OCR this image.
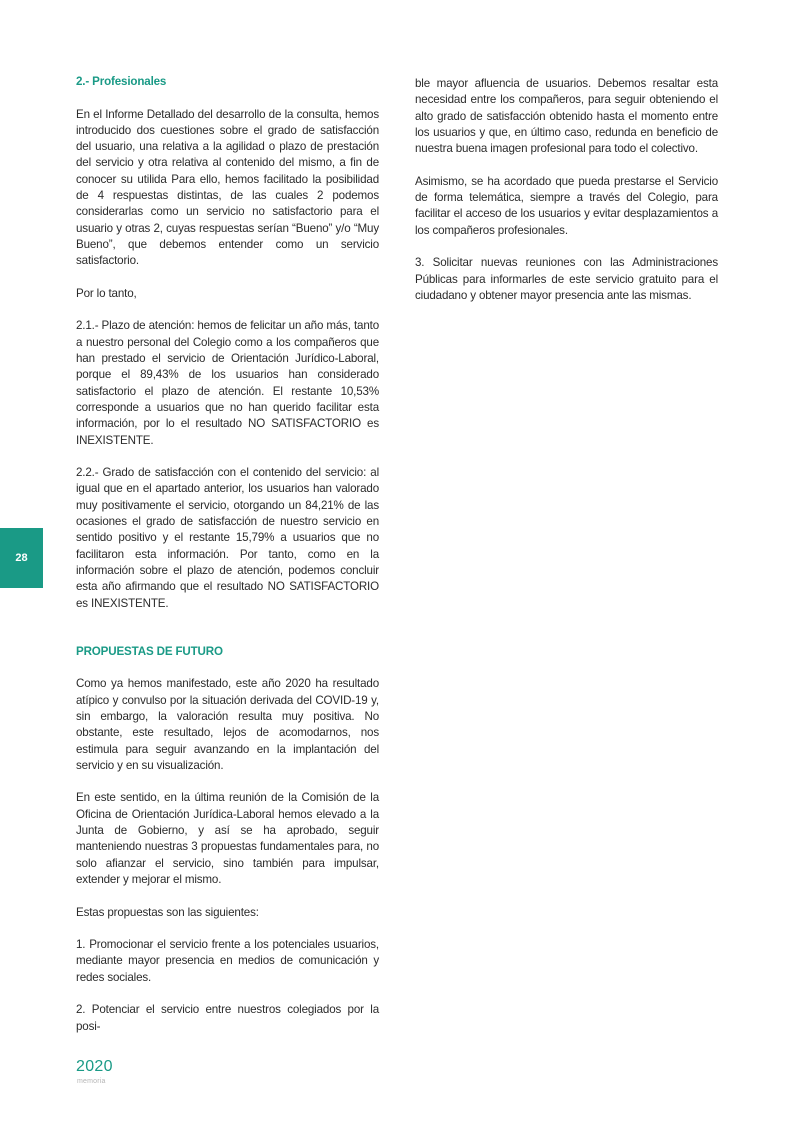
2.- Profesionales

En el Informe Detallado del desarrollo de la consulta, hemos introducido dos cuestiones sobre el grado de satisfacción del usuario, una relativa a la agilidad o plazo de prestación del servicio y otra relativa al contenido del mismo, a fin de conocer su utilida Para ello, hemos facilitado la posibilidad de 4 respuestas distintas, de las cuales 2 podemos considerarlas como un servicio no satisfactorio para el usuario y otras 2, cuyas respuestas serían “Bueno” y/o “Muy Bueno”, que debemos entender como un servicio satisfactorio.

Por lo tanto,

2.1.- Plazo de atención: hemos de felicitar un año más, tanto a nuestro personal del Colegio como a los compañeros que han prestado el servicio de Orientación Jurídico-Laboral, porque el 89,43% de los usuarios han considerado satisfactorio el plazo de atención. El restante 10,53% corresponde a usuarios que no han querido facilitar esta información, por lo el resultado NO SATISFACTORIO es INEXISTENTE.

2.2.- Grado de satisfacción con el contenido del servicio: al igual que en el apartado anterior, los usuarios han valorado muy positivamente el servicio, otorgando un 84,21% de las ocasiones el grado de satisfacción de nuestro servicio en sentido positivo y el restante 15,79% a usuarios que no facilitaron esta información. Por tanto, como en la información sobre el plazo de atención, podemos concluir esta año afirmando que el resultado NO SATISFACTORIO es INEXISTENTE.

PROPUESTAS DE FUTURO

Como ya hemos manifestado, este año 2020 ha resultado atípico y convulso por la situación derivada del COVID-19 y, sin embargo, la valoración resulta muy positiva. No obstante, este resultado, lejos de acomodarnos, nos estimula para seguir avanzando en la implantación del servicio y en su visualización.

En este sentido, en la última reunión de la Comisión de la Oficina de Orientación Jurídica-Laboral hemos elevado a la Junta de Gobierno, y así se ha aprobado, seguir manteniendo nuestras 3 propuestas fundamentales para, no solo afianzar el servicio, sino también para impulsar, extender y mejorar el mismo.

Estas propuestas son las siguientes:

1. Promocionar el servicio frente a los potenciales usuarios, mediante mayor presencia en medios de comunicación y redes sociales.

2. Potenciar el servicio entre nuestros colegiados por la posi-

ble mayor afluencia de usuarios. Debemos resaltar esta necesidad entre los compañeros, para seguir obteniendo el alto grado de satisfacción obtenido hasta el momento entre los usuarios y que, en último caso, redunda en beneficio de nuestra buena imagen profesional para todo el colectivo.

Asimismo, se ha acordado que pueda prestarse el Servicio de forma telemática, siempre a través del Colegio, para facilitar el acceso de los usuarios y evitar desplazamientos a los compañeros profesionales.

3. Solicitar nuevas reuniones con las Administraciones Públicas para informarles de este servicio gratuito para el ciudadano y obtener mayor presencia ante las mismas.

28
2020
memoria
